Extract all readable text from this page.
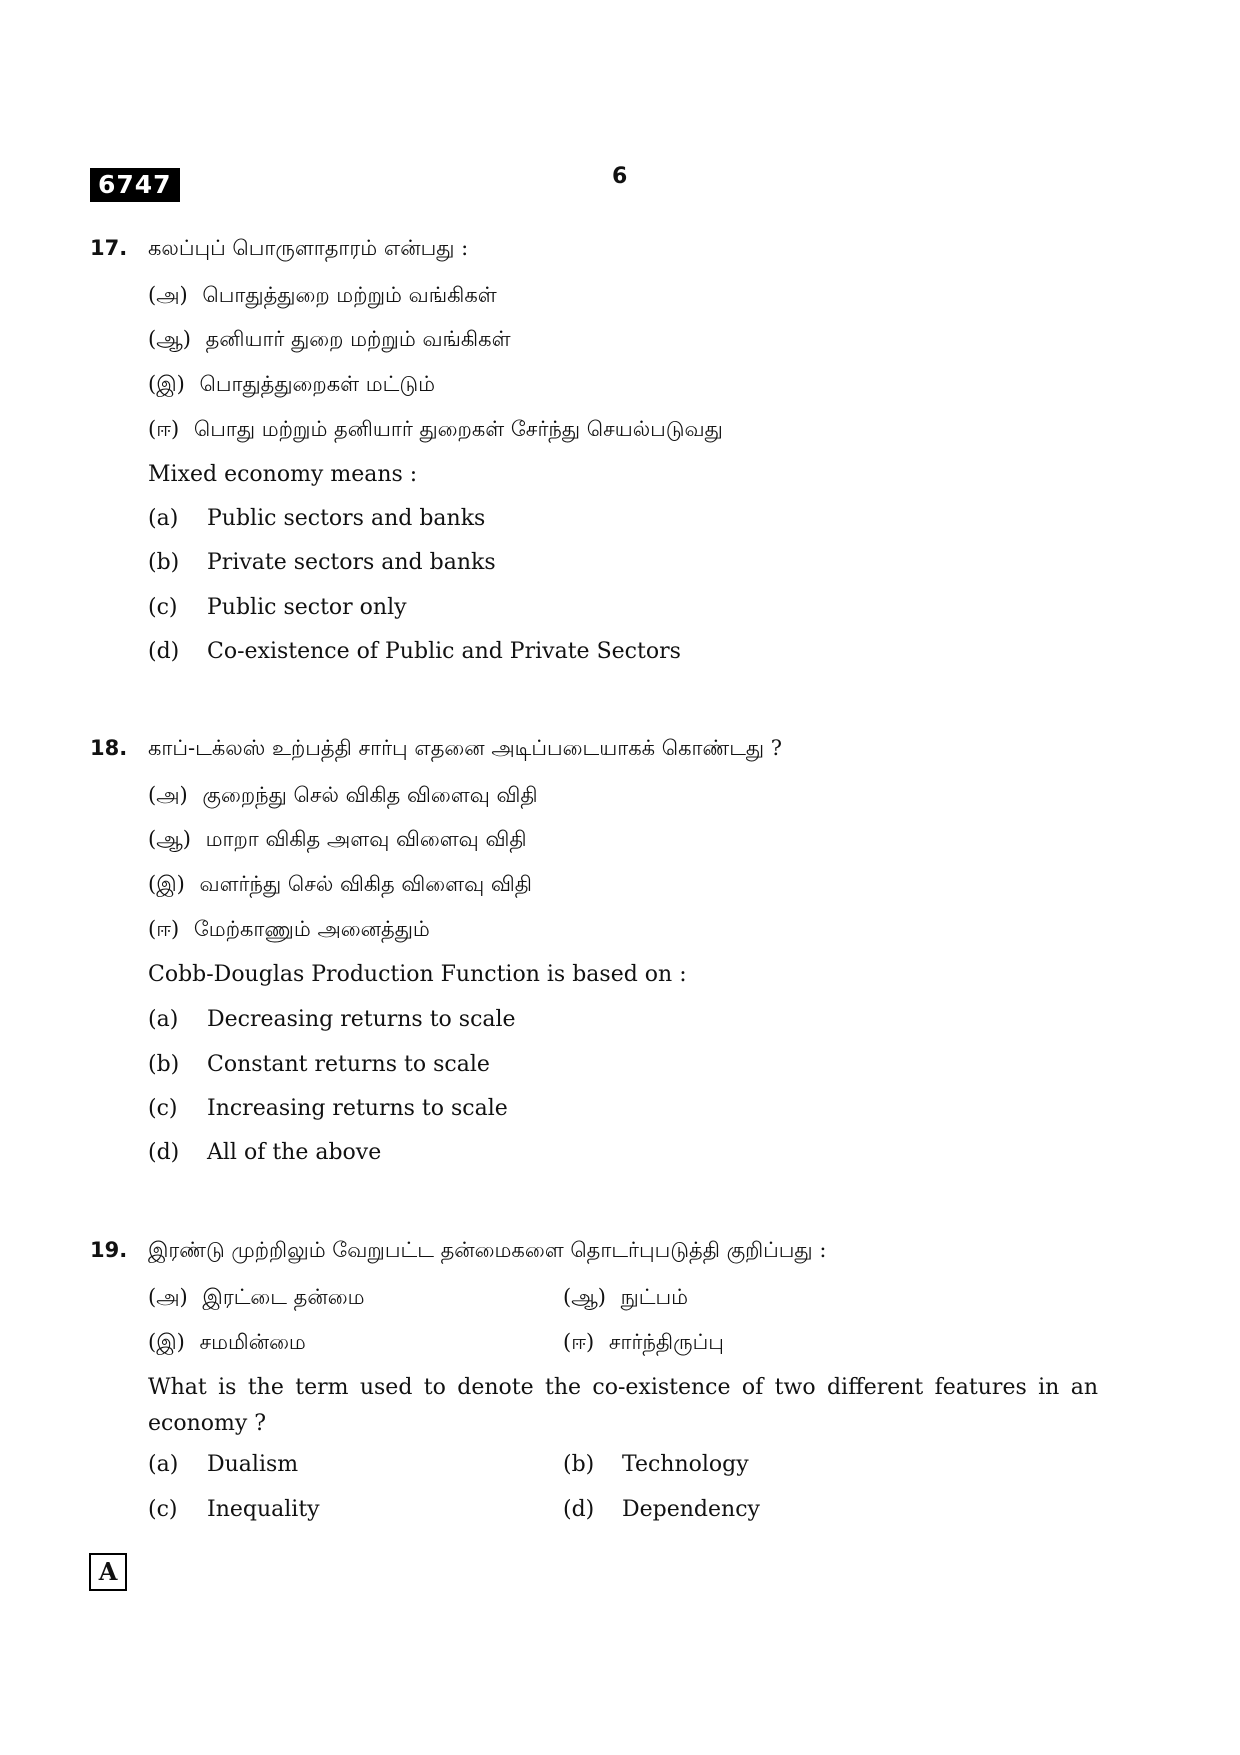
6747	6
17. கலப்புப் பொருளாதாரம் என்பது :
(அ) பொதுத்துறை மற்றும் வங்கிகள்
(ஆ) தனியார் துறை மற்றும் வங்கிகள்
(இ) பொதுத்துறைகள் மட்டும்
(ஈ) பொது மற்றும் தனியார் துறைகள் சேர்ந்து செயல்படுவது
Mixed economy means :
(a) Public sectors and banks
(b) Private sectors and banks
(c) Public sector only
(d) Co-existence of Public and Private Sectors
18. காப்-டக்லஸ் உற்பத்தி சார்பு எதனை அடிப்படையாகக் கொண்டது ?
(அ) குறைந்து செல் விகித விளைவு விதி
(ஆ) மாறா விகித அளவு விளைவு விதி
(இ) வளர்ந்து செல் விகித விளைவு விதி
(ஈ) மேற்காணும் அனைத்தும்
Cobb-Douglas Production Function is based on :
(a) Decreasing returns to scale
(b) Constant returns to scale
(c) Increasing returns to scale
(d) All of the above
19. இரண்டு முற்றிலும் வேறுபட்ட தன்மைகளை தொடர்புபடுத்தி குறிப்பது :
(அ) இரட்டை தன்மை	(ஆ) நுட்பம்
(இ) சமமின்மை	(ஈ) சார்ந்திருப்பு
What is the term used to denote the co-existence of two different features in an economy ?
(a) Dualism	(b) Technology
(c) Inequality	(d) Dependency
A
